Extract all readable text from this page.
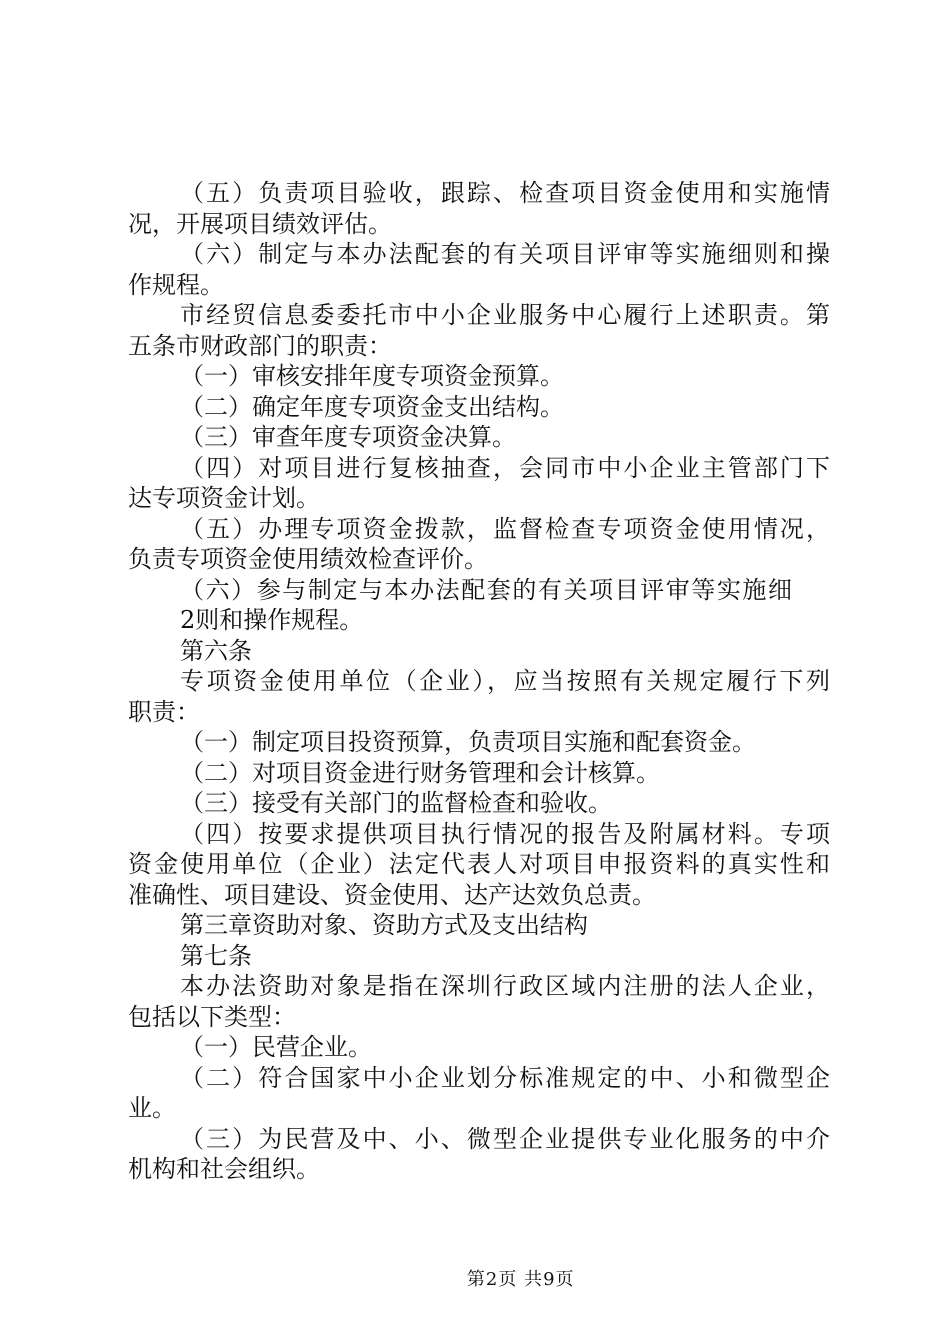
（五）负责项目验收，跟踪、检查项目资金使用和实施情
况，开展项目绩效评估。
（六）制定与本办法配套的有关项目评审等实施细则和操
作规程。
市经贸信息委委托市中小企业服务中心履行上述职责。第
五条市财政部门的职责：
（一）审核安排年度专项资金预算。
（二）确定年度专项资金支出结构。
（三）审查年度专项资金决算。
（四）对项目进行复核抽查，会同市中小企业主管部门下
达专项资金计划。
（五）办理专项资金拨款，监督检查专项资金使用情况，
负责专项资金使用绩效检查评价。
（六）参与制定与本办法配套的有关项目评审等实施细
2则和操作规程。
第六条
专项资金使用单位（企业），应当按照有关规定履行下列
职责：
（一）制定项目投资预算，负责项目实施和配套资金。
（二）对项目资金进行财务管理和会计核算。
（三）接受有关部门的监督检查和验收。
（四）按要求提供项目执行情况的报告及附属材料。专项
资金使用单位（企业）法定代表人对项目申报资料的真实性和
准确性、项目建设、资金使用、达产达效负总责。
第三章资助对象、资助方式及支出结构
第七条
本办法资助对象是指在深圳行政区域内注册的法人企业，
包括以下类型：
（一）民营企业。
（二）符合国家中小企业划分标准规定的中、小和微型企
业。
（三）为民营及中、小、微型企业提供专业化服务的中介
机构和社会组织。

第2页 共9页
